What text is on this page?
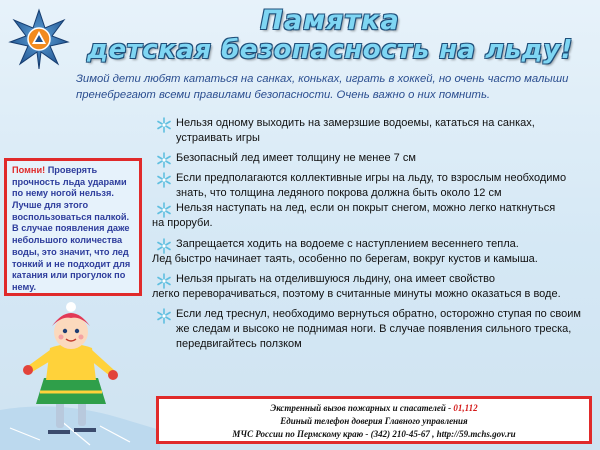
Памятка
детская безопасность на льду!
Зимой дети любят кататься на санках, коньках, играть в хоккей, но очень часто малыши пренебрегают всеми правилами безопасности. Очень важно о них помнить.
Помни! Проверять прочность льда ударами по нему ногой нельзя. Лучше для этого воспользоваться палкой. В случае появления даже небольшого количества воды, это значит, что лед тонкий и не подходит для катания или прогулок по нему.
Нельзя одному выходить на замерзшие водоемы, кататься на санках, устраивать игры
Безопасный лед имеет толщину не менее 7 см
Если предполагаются коллективные игры на льду, то взрослым необходимо знать, что толщина ледяного покрова должна быть около 12 см
Нельзя наступать на лед, если он покрыт снегом, можно легко наткнуться
на проруби.
Запрещается ходить на водоеме с наступлением весеннего тепла.
Лед быстро начинает таять, особенно по берегам, вокруг кустов и камыша.
Нельзя прыгать на отделившуюся льдину, она имеет свойство
легко переворачиваться, поэтому в считанные минуты можно оказаться в воде.
Если лед треснул, необходимо вернуться обратно, осторожно ступая по своим же следам и высоко не поднимая ноги. В случае появления сильного треска, передвигайтесь ползком
Экстренный вызов пожарных и спасателей - 01,112
Единый телефон доверия Главного управления
МЧС России по Пермскому краю - (342) 210-45-67 , http://59.mchs.gov.ru
